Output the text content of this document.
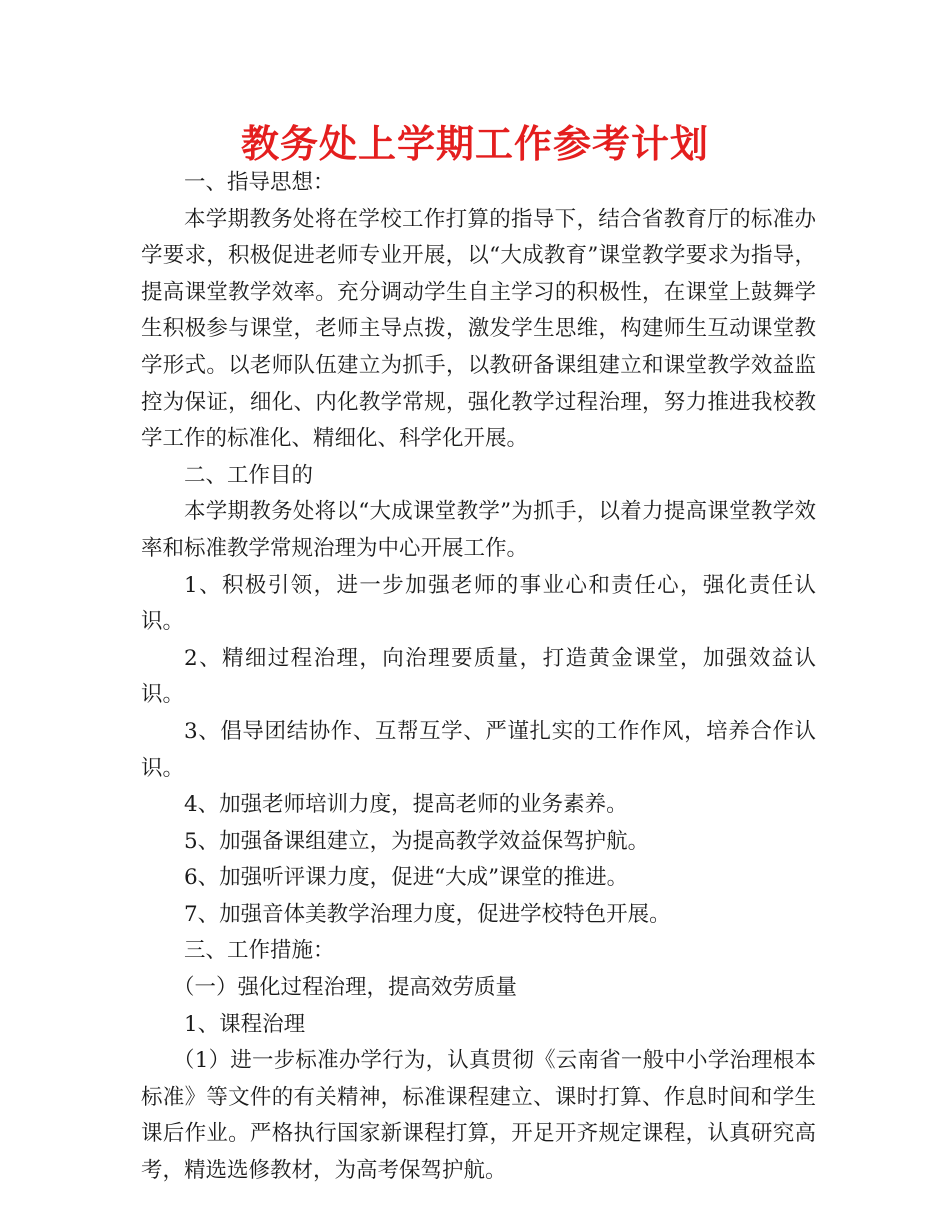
教务处上学期工作参考计划

一、指导思想：

本学期教务处将在学校工作打算的指导下，结合省教育厅的标准办学要求，积极促进老师专业开展，以“大成教育”课堂教学要求为指导，提高课堂教学效率。充分调动学生自主学习的积极性，在课堂上鼓舞学生积极参与课堂，老师主导点拨，激发学生思维，构建师生互动课堂教学形式。以老师队伍建立为抓手，以教研备课组建立和课堂教学效益监控为保证，细化、内化教学常规，强化教学过程治理，努力推进我校教学工作的标准化、精细化、科学化开展。

二、工作目的

本学期教务处将以“大成课堂教学”为抓手，以着力提高课堂教学效率和标准教学常规治理为中心开展工作。

1、积极引领，进一步加强老师的事业心和责任心，强化责任认识。

2、精细过程治理，向治理要质量，打造黄金课堂，加强效益认识。

3、倡导团结协作、互帮互学、严谨扎实的工作作风，培养合作认识。

4、加强老师培训力度，提高老师的业务素养。

5、加强备课组建立，为提高教学效益保驾护航。

6、加强听评课力度，促进“大成”课堂的推进。

7、加强音体美教学治理力度，促进学校特色开展。

三、工作措施：

（一）强化过程治理，提高效劳质量

1、课程治理

（1）进一步标准办学行为，认真贯彻《云南省一般中小学治理根本标准》等文件的有关精神，标准课程建立、课时打算、作息时间和学生课后作业。严格执行国家新课程打算，开足开齐规定课程，认真研究高考，精选选修教材，为高考保驾护航。
